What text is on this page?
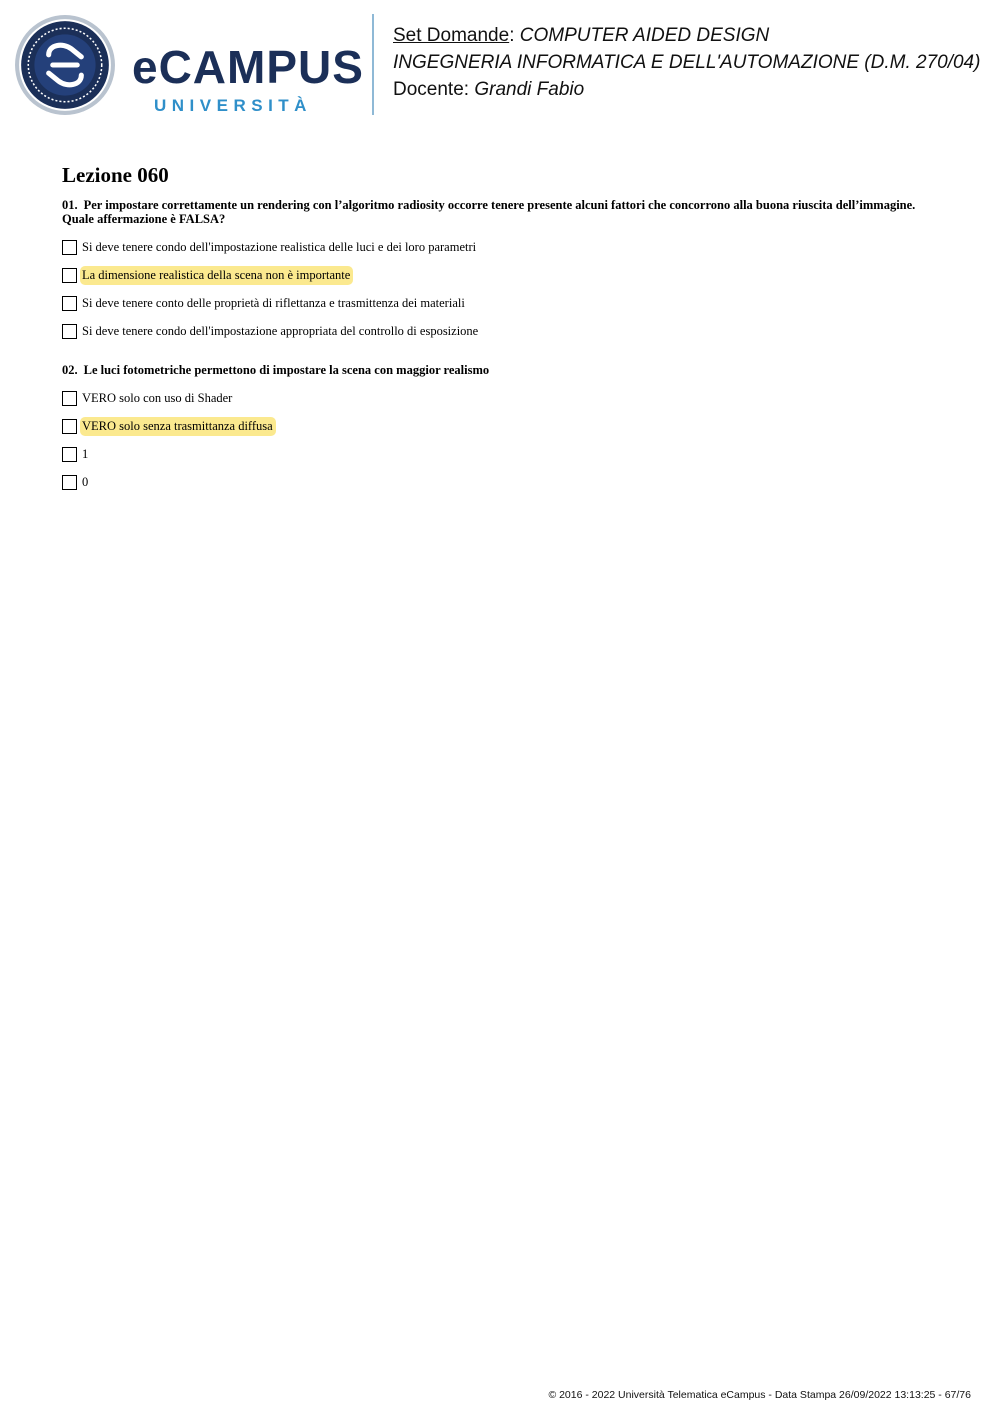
eCAMPUS
UNIVERSITÀ
Set Domande: COMPUTER AIDED DESIGN
INGEGNERIA INFORMATICA E DELL'AUTOMAZIONE (D.M. 270/04)
Docente: Grandi Fabio
Lezione 060

01. Per impostare correttamente un rendering con l’algoritmo radiosity occorre tenere presente alcuni fattori che concorrono alla buona riuscita dell’immagine. Quale affermazione è FALSA?

Si deve tenere condo dell'impostazione realistica delle luci e dei loro parametri
La dimensione realistica della scena non è importante
Si deve tenere conto delle proprietà di riflettanza e trasmittenza dei materiali
Si deve tenere condo dell'impostazione appropriata del controllo di esposizione

02. Le luci fotometriche permettono di impostare la scena con maggior realismo

VERO solo con uso di Shader
VERO solo senza trasmittanza diffusa
1
0
© 2016 - 2022 Università Telematica eCampus - Data Stampa 26/09/2022 13:13:25 - 67/76
